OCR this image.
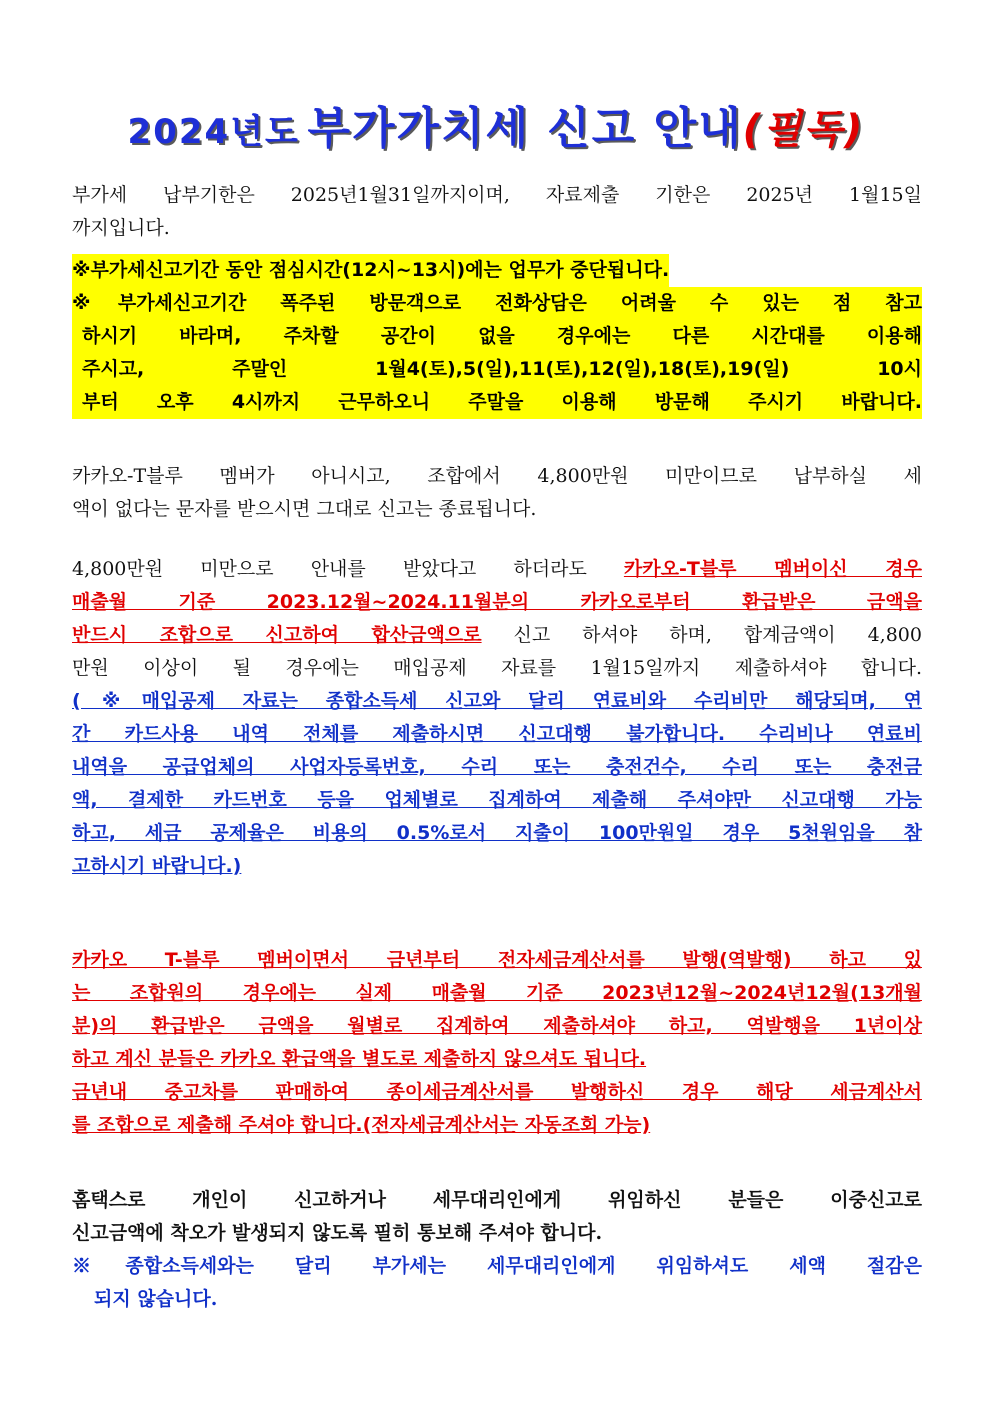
2024년도 부가가치세 신고 안내(필독)
부가세 납부기한은 2025년1월31일까지이며, 자료제출 기한은 2025년 1월15일
까지입니다.
※부가세신고기간 동안 점심시간(12시~13시)에는 업무가 중단됩니다.
※부가세신고기간 폭주된 방문객으로 전화상담은 어려울 수 있는 점 참고
하시기 바라며, 주차할 공간이 없을 경우에는 다른 시간대를 이용해
주시고, 주말인 1월4(토),5(일),11(토),12(일),18(토),19(일) 10시
부터 오후 4시까지 근무하오니 주말을 이용해 방문해 주시기 바랍니다.
카카오-T블루 멤버가 아니시고, 조합에서 4,800만원 미만이므로 납부하실 세
액이 없다는 문자를 받으시면 그대로 신고는 종료됩니다.
4,800만원 미만으로 안내를 받았다고 하더라도 카카오-T블루 멤버이신 경우
매출월 기준 2023.12월~2024.11월분의 카카오로부터 환급받은 금액을
반드시 조합으로 신고하여 합산금액으로 신고 하셔야 하며, 합계금액이 4,800
만원 이상이 될 경우에는 매입공제 자료를 1월15일까지 제출하셔야 합니다.
(※매입공제 자료는 종합소득세 신고와 달리 연료비와 수리비만 해당되며, 연
간 카드사용 내역 전체를 제출하시면 신고대행 불가합니다. 수리비나 연료비
내역을 공급업체의 사업자등록번호, 수리 또는 충전건수, 수리 또는 충전금
액, 결제한 카드번호 등을 업체별로 집계하여 제출해 주셔야만 신고대행 가능
하고, 세금 공제율은 비용의 0.5%로서 지출이 100만원일 경우 5천원임을 참
고하시기 바랍니다.)
카카오 T-블루 멤버이면서 금년부터 전자세금계산서를 발행(역발행) 하고 있
는 조합원의 경우에는 실제 매출월 기준 2023년12월~2024년12월(13개월
분)의 환급받은 금액을 월별로 집계하여 제출하셔야 하고, 역발행을 1년이상
하고 계신 분들은 카카오 환급액을 별도로 제출하지 않으셔도 됩니다.
금년내 중고차를 판매하여 종이세금계산서를 발행하신 경우 해당 세금계산서
를 조합으로 제출해 주셔야 합니다.(전자세금계산서는 자동조회 가능)
홈택스로 개인이 신고하거나 세무대리인에게 위임하신 분들은 이중신고로
신고금액에 착오가 발생되지 않도록 필히 통보해 주셔야 합니다.
※종합소득세와는 달리 부가세는 세무대리인에게 위임하셔도 세액 절감은
되지 않습니다.
